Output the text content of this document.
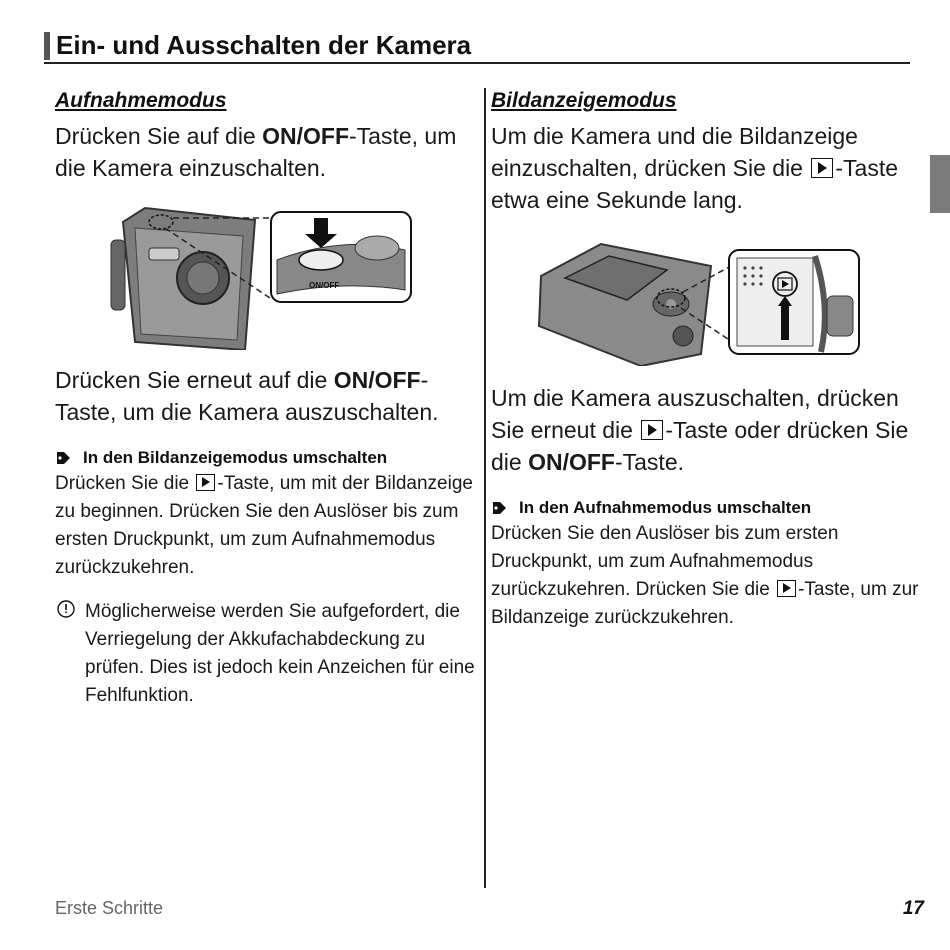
Ein- und Ausschalten der Kamera
Aufnahmemodus

Drücken Sie auf die ON/OFF-Taste, um die Kamera einzuschalten.

ON/OFF

Drücken Sie erneut auf die ON/OFF-Taste, um die Kamera auszuschalten.

In den Bildanzeigemodus umschalten

Drücken Sie die -Taste, um mit der Bildanzeige zu beginnen. Drücken Sie den Auslöser bis zum ersten Druckpunkt, um zum Aufnahmemodus zurückzukehren.

Möglicherweise werden Sie aufgefordert, die Verriegelung der Akkufachabdeckung zu prüfen. Dies ist jedoch kein Anzeichen für eine Fehlfunktion.
Bildanzeigemodus

Um die Kamera und die Bildanzeige einzuschalten, drücken Sie die -Taste etwa eine Sekunde lang.

Um die Kamera auszuschalten, drücken Sie erneut die -Taste oder drücken Sie die ON/OFF-Taste.

In den Aufnahmemodus umschalten

Drücken Sie den Auslöser bis zum ersten Druckpunkt, um zum Aufnahmemodus zurückzukehren. Drücken Sie die -Taste, um zur Bildanzeige zurückzukehren.

Erste Schritte	17
